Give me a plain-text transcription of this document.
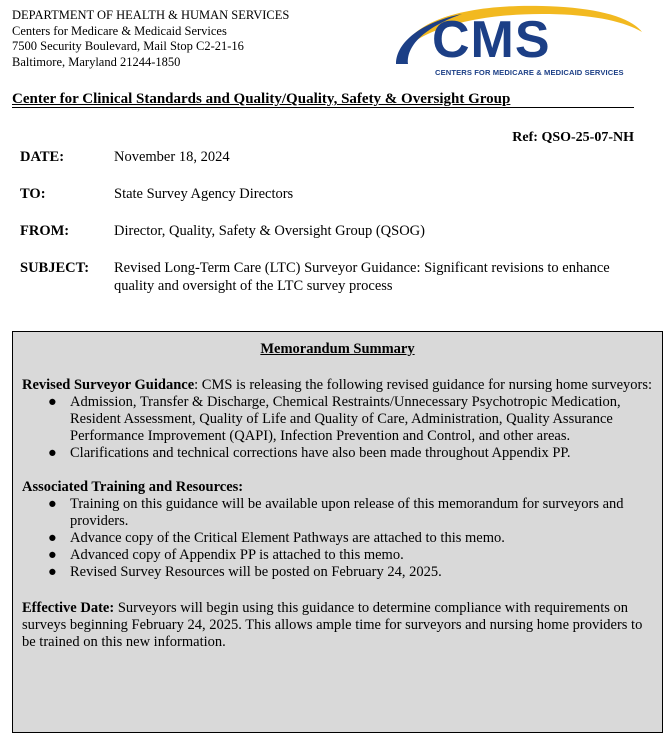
DEPARTMENT OF HEALTH & HUMAN SERVICES
Centers for Medicare & Medicaid Services
7500 Security Boulevard, Mail Stop C2-21-16
Baltimore, Maryland 21244-1850	CMS
CENTERS FOR MEDICARE & MEDICAID SERVICES
Center for Clinical Standards and Quality/Quality, Safety & Oversight Group
Ref: QSO-25-07-NH
DATE:	November 18, 2024
TO:	State Survey Agency Directors
FROM:	Director, Quality, Safety & Oversight Group (QSOG)
SUBJECT:	Revised Long-Term Care (LTC) Surveyor Guidance: Significant revisions to enhance quality and oversight of the LTC survey process
Memorandum Summary
Revised Surveyor Guidance: CMS is releasing the following revised guidance for nursing home surveyors:
● Admission, Transfer & Discharge, Chemical Restraints/Unnecessary Psychotropic Medication, Resident Assessment, Quality of Life and Quality of Care, Administration, Quality Assurance Performance Improvement (QAPI), Infection Prevention and Control, and other areas.
● Clarifications and technical corrections have also been made throughout Appendix PP.
Associated Training and Resources:
● Training on this guidance will be available upon release of this memorandum for surveyors and providers.
● Advance copy of the Critical Element Pathways are attached to this memo.
● Advanced copy of Appendix PP is attached to this memo.
● Revised Survey Resources will be posted on February 24, 2025.
Effective Date: Surveyors will begin using this guidance to determine compliance with requirements on surveys beginning February 24, 2025. This allows ample time for surveyors and nursing home providers to be trained on this new information.
